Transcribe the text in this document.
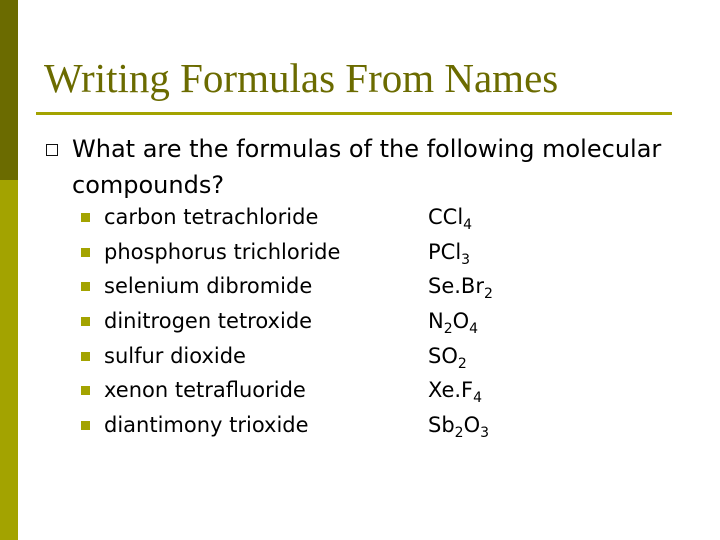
Writing Formulas From Names
What are the formulas of the following molecular compounds?
carbon tetrachloride	CCl$_4$
phosphorus trichloride	PCl$_3$
selenium dibromide	$Se.Br_2$
dinitrogen tetroxide	$N_2O_4$
sulfur dioxide	$SO_2$
xenon tetrafluoride	$Xe.F_4$
diantimony trioxide	$Sb_2O_3$
